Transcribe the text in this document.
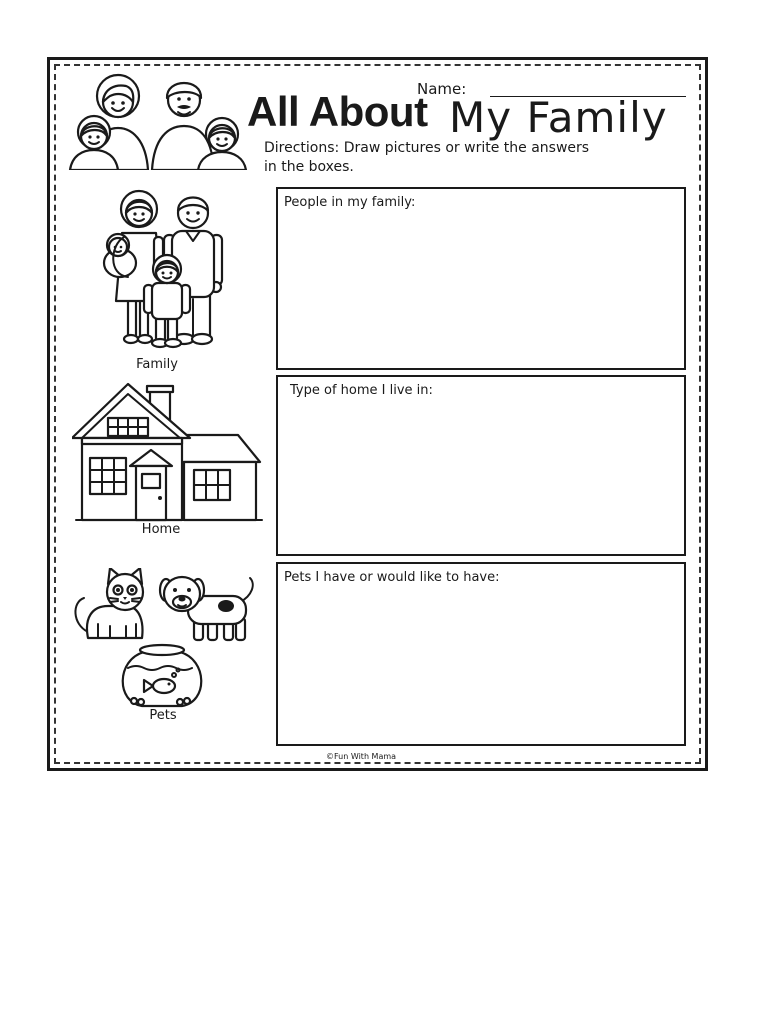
Name:
All About My Family
Directions: Draw pictures or write the answers
in the boxes.
Family
Home
Pets
People in my family:
Type of home I live in:
Pets I have or would like to have:
©Fun With Mama
